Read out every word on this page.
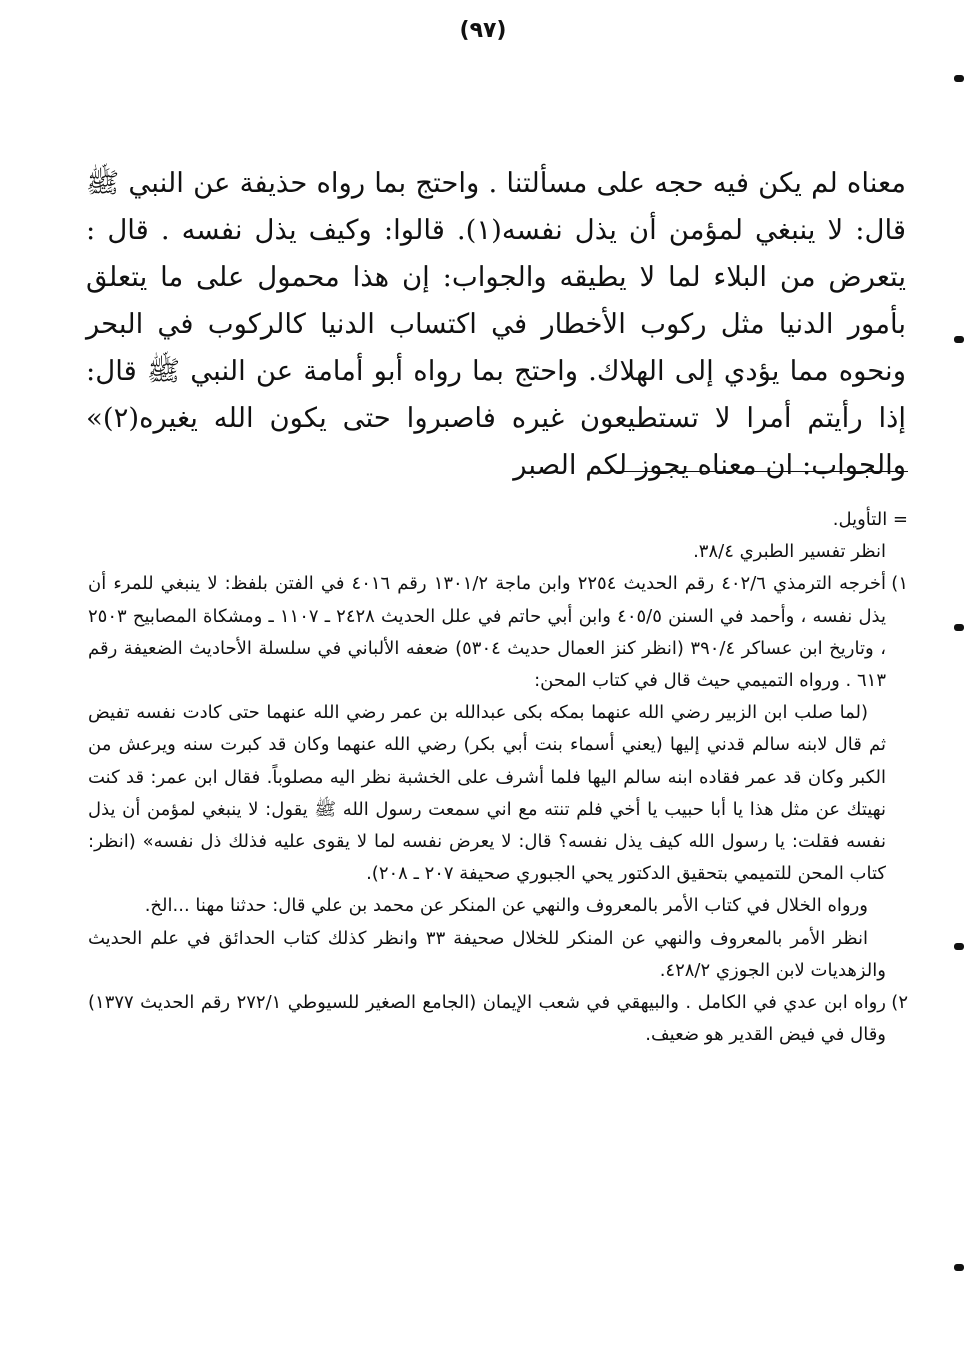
(٩٧)

معناه لم يكن فيه حجه على مسألتنا . واحتج بما رواه حذيفة عن النبي ﷺ قال: لا ينبغي لمؤمن أن يذل نفسه(١). قالوا: وكيف يذل نفسه . قال : يتعرض من البلاء لما لا يطيقه والجواب: إن هذا محمول على ما يتعلق بأمور الدنيا مثل ركوب الأخطار في اكتساب الدنيا كالركوب في البحر ونحوه مما يؤدي إلى الهلاك. واحتج بما رواه أبو أمامة عن النبي ﷺ قال: إذا رأيتم أمرا لا تستطيعون غيره فاصبروا حتى يكون الله يغيره(٢)» والجواب: ان معناه يجوز لكم الصبر

= التأويل.

انظر تفسير الطبري ٣٨/٤.

١)أخرجه الترمذي ٤٠٢/٦ رقم الحديث ٢٢٥٤ وابن ماجة ١٣٠١/٢ رقم ٤٠١٦ في الفتن بلفظ: لا ينبغي للمرء أن يذل نفسه ، وأحمد في السنن ٤٠٥/٥ وابن أبي حاتم في علل الحديث ٢٤٢٨ ـ ١١٠٧ ـ ومشكاة المصابيح ٢٥٠٣ ، وتاريخ ابن عساكر ٣٩٠/٤ (انظر كنز العمال حديث ٥٣٠٤) ضعفه الألباني في سلسلة الأحاديث الضعيفة رقم ٦١٣ . ورواه التميمي حيث قال في كتاب المحن:

(لما صلب ابن الزبير رضي الله عنهما بمكه بكى عبدالله بن عمر رضي الله عنهما حتى كادت نفسه تفيض ثم قال لابنه سالم قدني إليها (يعني أسماء بنت أبي بكر) رضي الله عنهما وكان قد كبرت سنه ويرعش من الكبر وكان قد عمر فقاده ابنه سالم اليها فلما أشرف على الخشبة نظر اليه مصلوباً. فقال ابن عمر: قد كنت نهيتك عن مثل هذا يا أبا حبيب يا أخي فلم تنته مع اني سمعت رسول الله ﷺ يقول: لا ينبغي لمؤمن أن يذل نفسه فقلت: يا رسول الله كيف يذل نفسه؟ قال: لا يعرض نفسه لما لا يقوى عليه فذلك ذل نفسه» (انظر: كتاب المحن للتميمي بتحقيق الدكتور يحي الجبوري صحيفة ٢٠٧ ـ ٢٠٨).

ورواه الخلال في كتاب الأمر بالمعروف والنهي عن المنكر عن محمد بن علي قال: حدثنا مهنا ...الخ.

انظر الأمر بالمعروف والنهي عن المنكر للخلال صحيفة ٣٣ وانظر كذلك كتاب الحدائق في علم الحديث والزهديات لابن الجوزي ٤٢٨/٢.

٢)رواه ابن عدي في الكامل . والبيهقي في شعب الإيمان (الجامع الصغير للسيوطي ٢٧٢/١ رقم الحديث ١٣٧٧) وقال في فيض القدير هو ضعيف.
